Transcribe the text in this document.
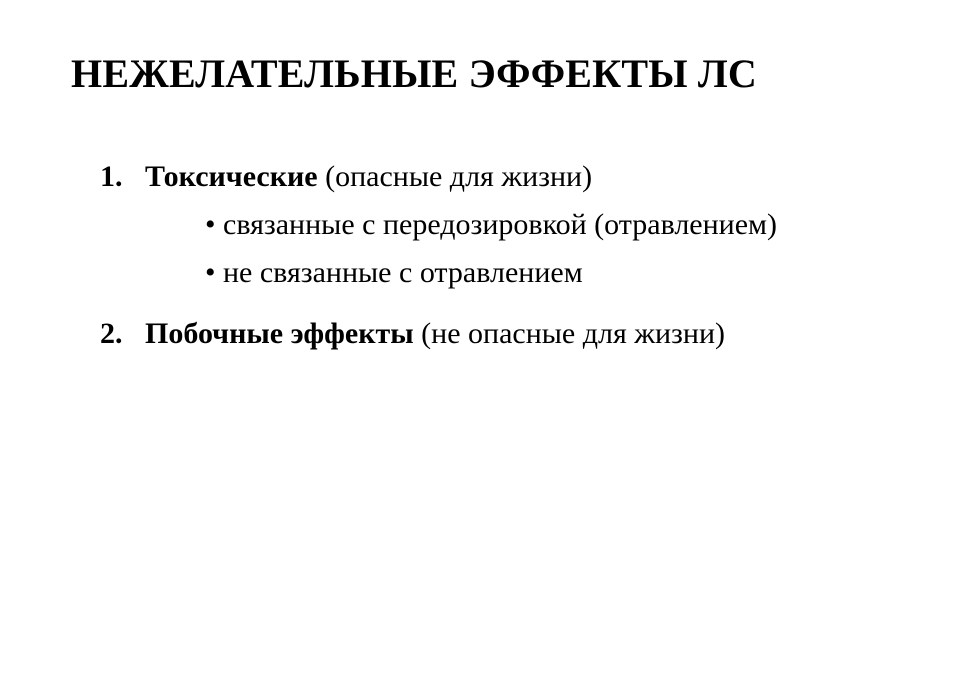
НЕЖЕЛАТЕЛЬНЫЕ ЭФФЕКТЫ ЛС
1. Токсические (опасные для жизни)
• связанные с передозировкой (отравлением)
• не связанные с отравлением
2. Побочные эффекты (не опасные для жизни)
